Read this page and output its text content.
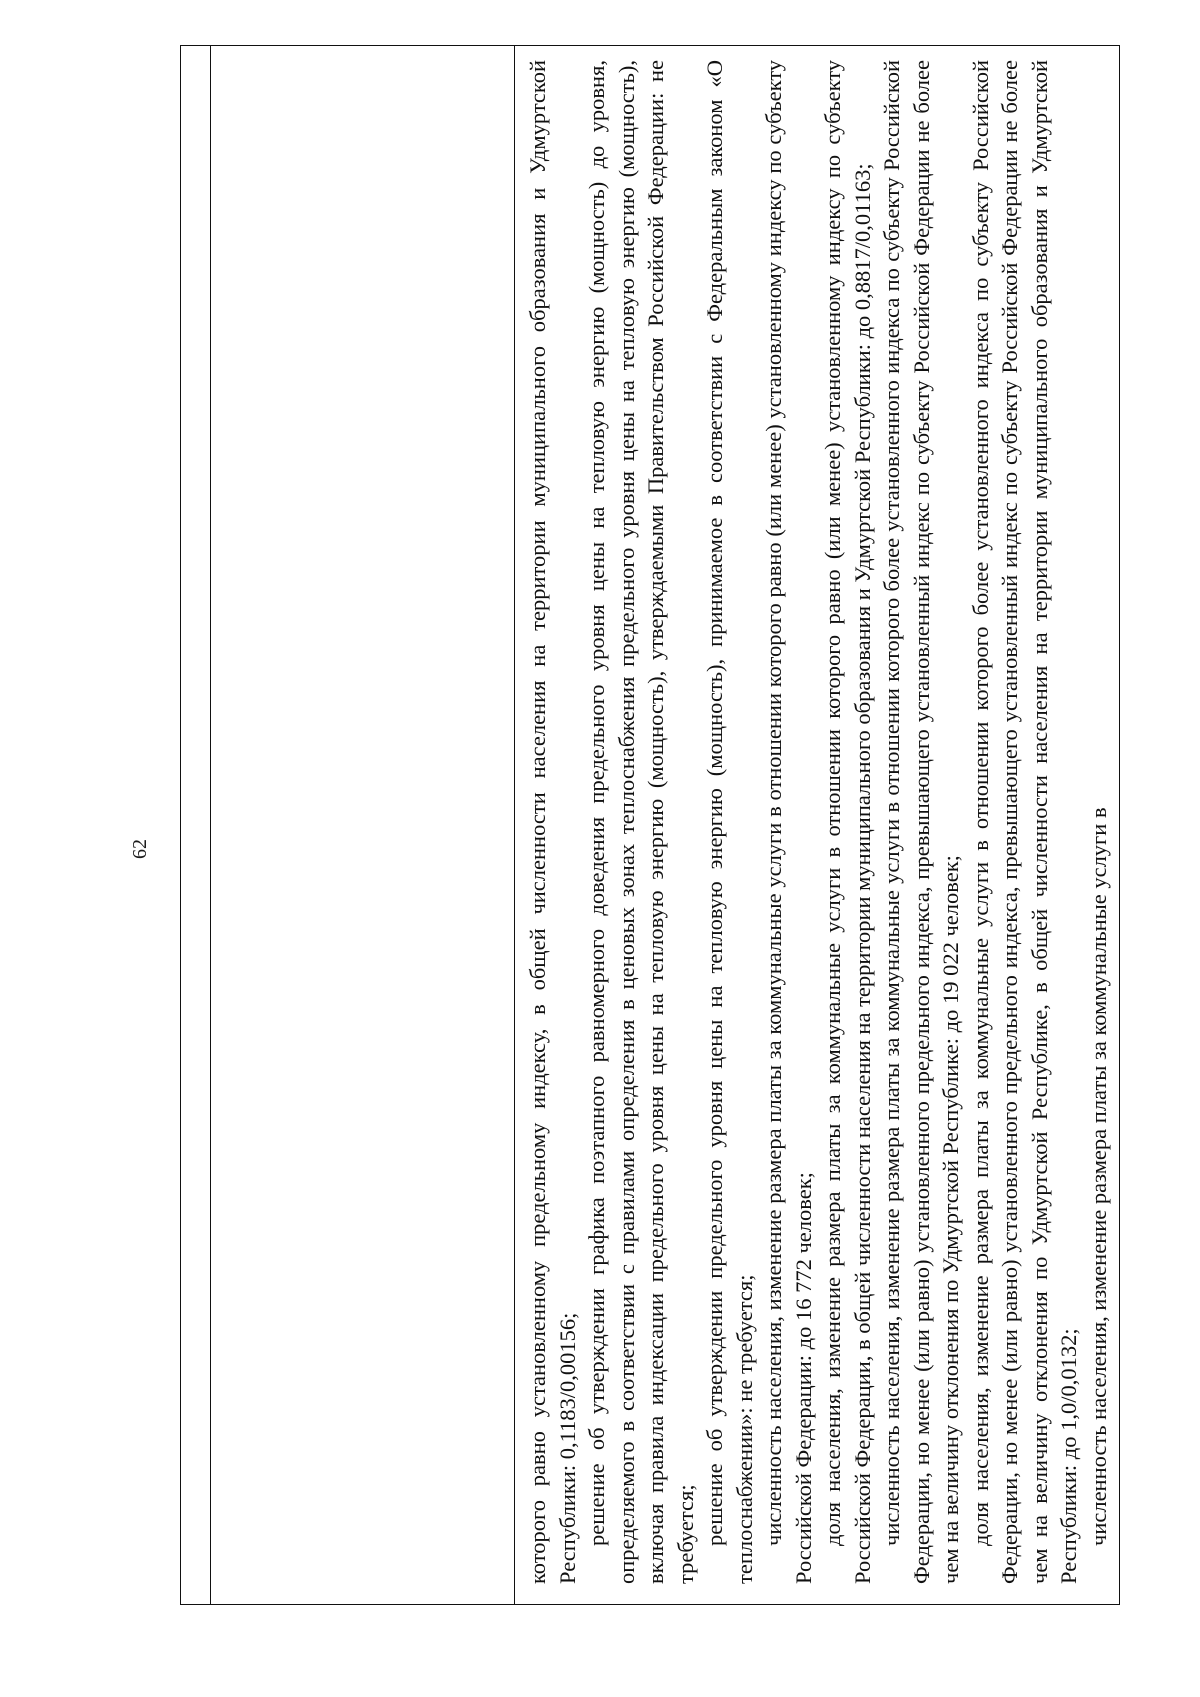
62	которого равно установленному предельному индексу, в общей численности населения на территории муниципального образования и Удмуртской Республики: 0,1183/0,00156; решение об утверждении графика поэтапного равномерного доведения предельного уровня цены на тепловую энергию (мощность) до уровня, определяемого в соответствии с правилами определения в ценовых зонах теплоснабжения предельного уровня цены на тепловую энергию (мощность), включая правила индексации предельного уровня цены на тепловую энергию (мощность), утверждаемыми Правительством Российской Федерации: не требуется; решение об утверждении предельного уровня цены на тепловую энергию (мощность), принимаемое в соответствии с Федеральным законом «О теплоснабжении»: не требуется; численность населения, изменение размера платы за коммунальные услуги в отношении которого равно (или менее) установленному индексу по субъекту Российской Федерации: до 16 772 человек; доля населения, изменение размера платы за коммунальные услуги в отношении которого равно (или менее) установленному индексу по субъекту Российской Федерации, в общей численности населения на территории муниципального образования и Удмуртской Республики: до 0,8817/0,01163; численность населения, изменение размера платы за коммунальные услуги в отношении которого более установленного индекса по субъекту Российской Федерации, но менее (или равно) установленного предельного индекса, превышающего установленный индекс по субъекту Российской Федерации не более чем на величину отклонения по Удмуртской Республике: до 19 022 человек; доля населения, изменение размера платы за коммунальные услуги в отношении которого более установленного индекса по субъекту Российской Федерации, но менее (или равно) установленного предельного индекса, превышающего установленный индекс по субъекту Российской Федерации не более чем на величину отклонения по Удмуртской Республике, в общей численности населения на территории муниципального образования и Удмуртской Республики: до 1,0/0,0132; численность населения, изменение размера платы за коммунальные услуги в
